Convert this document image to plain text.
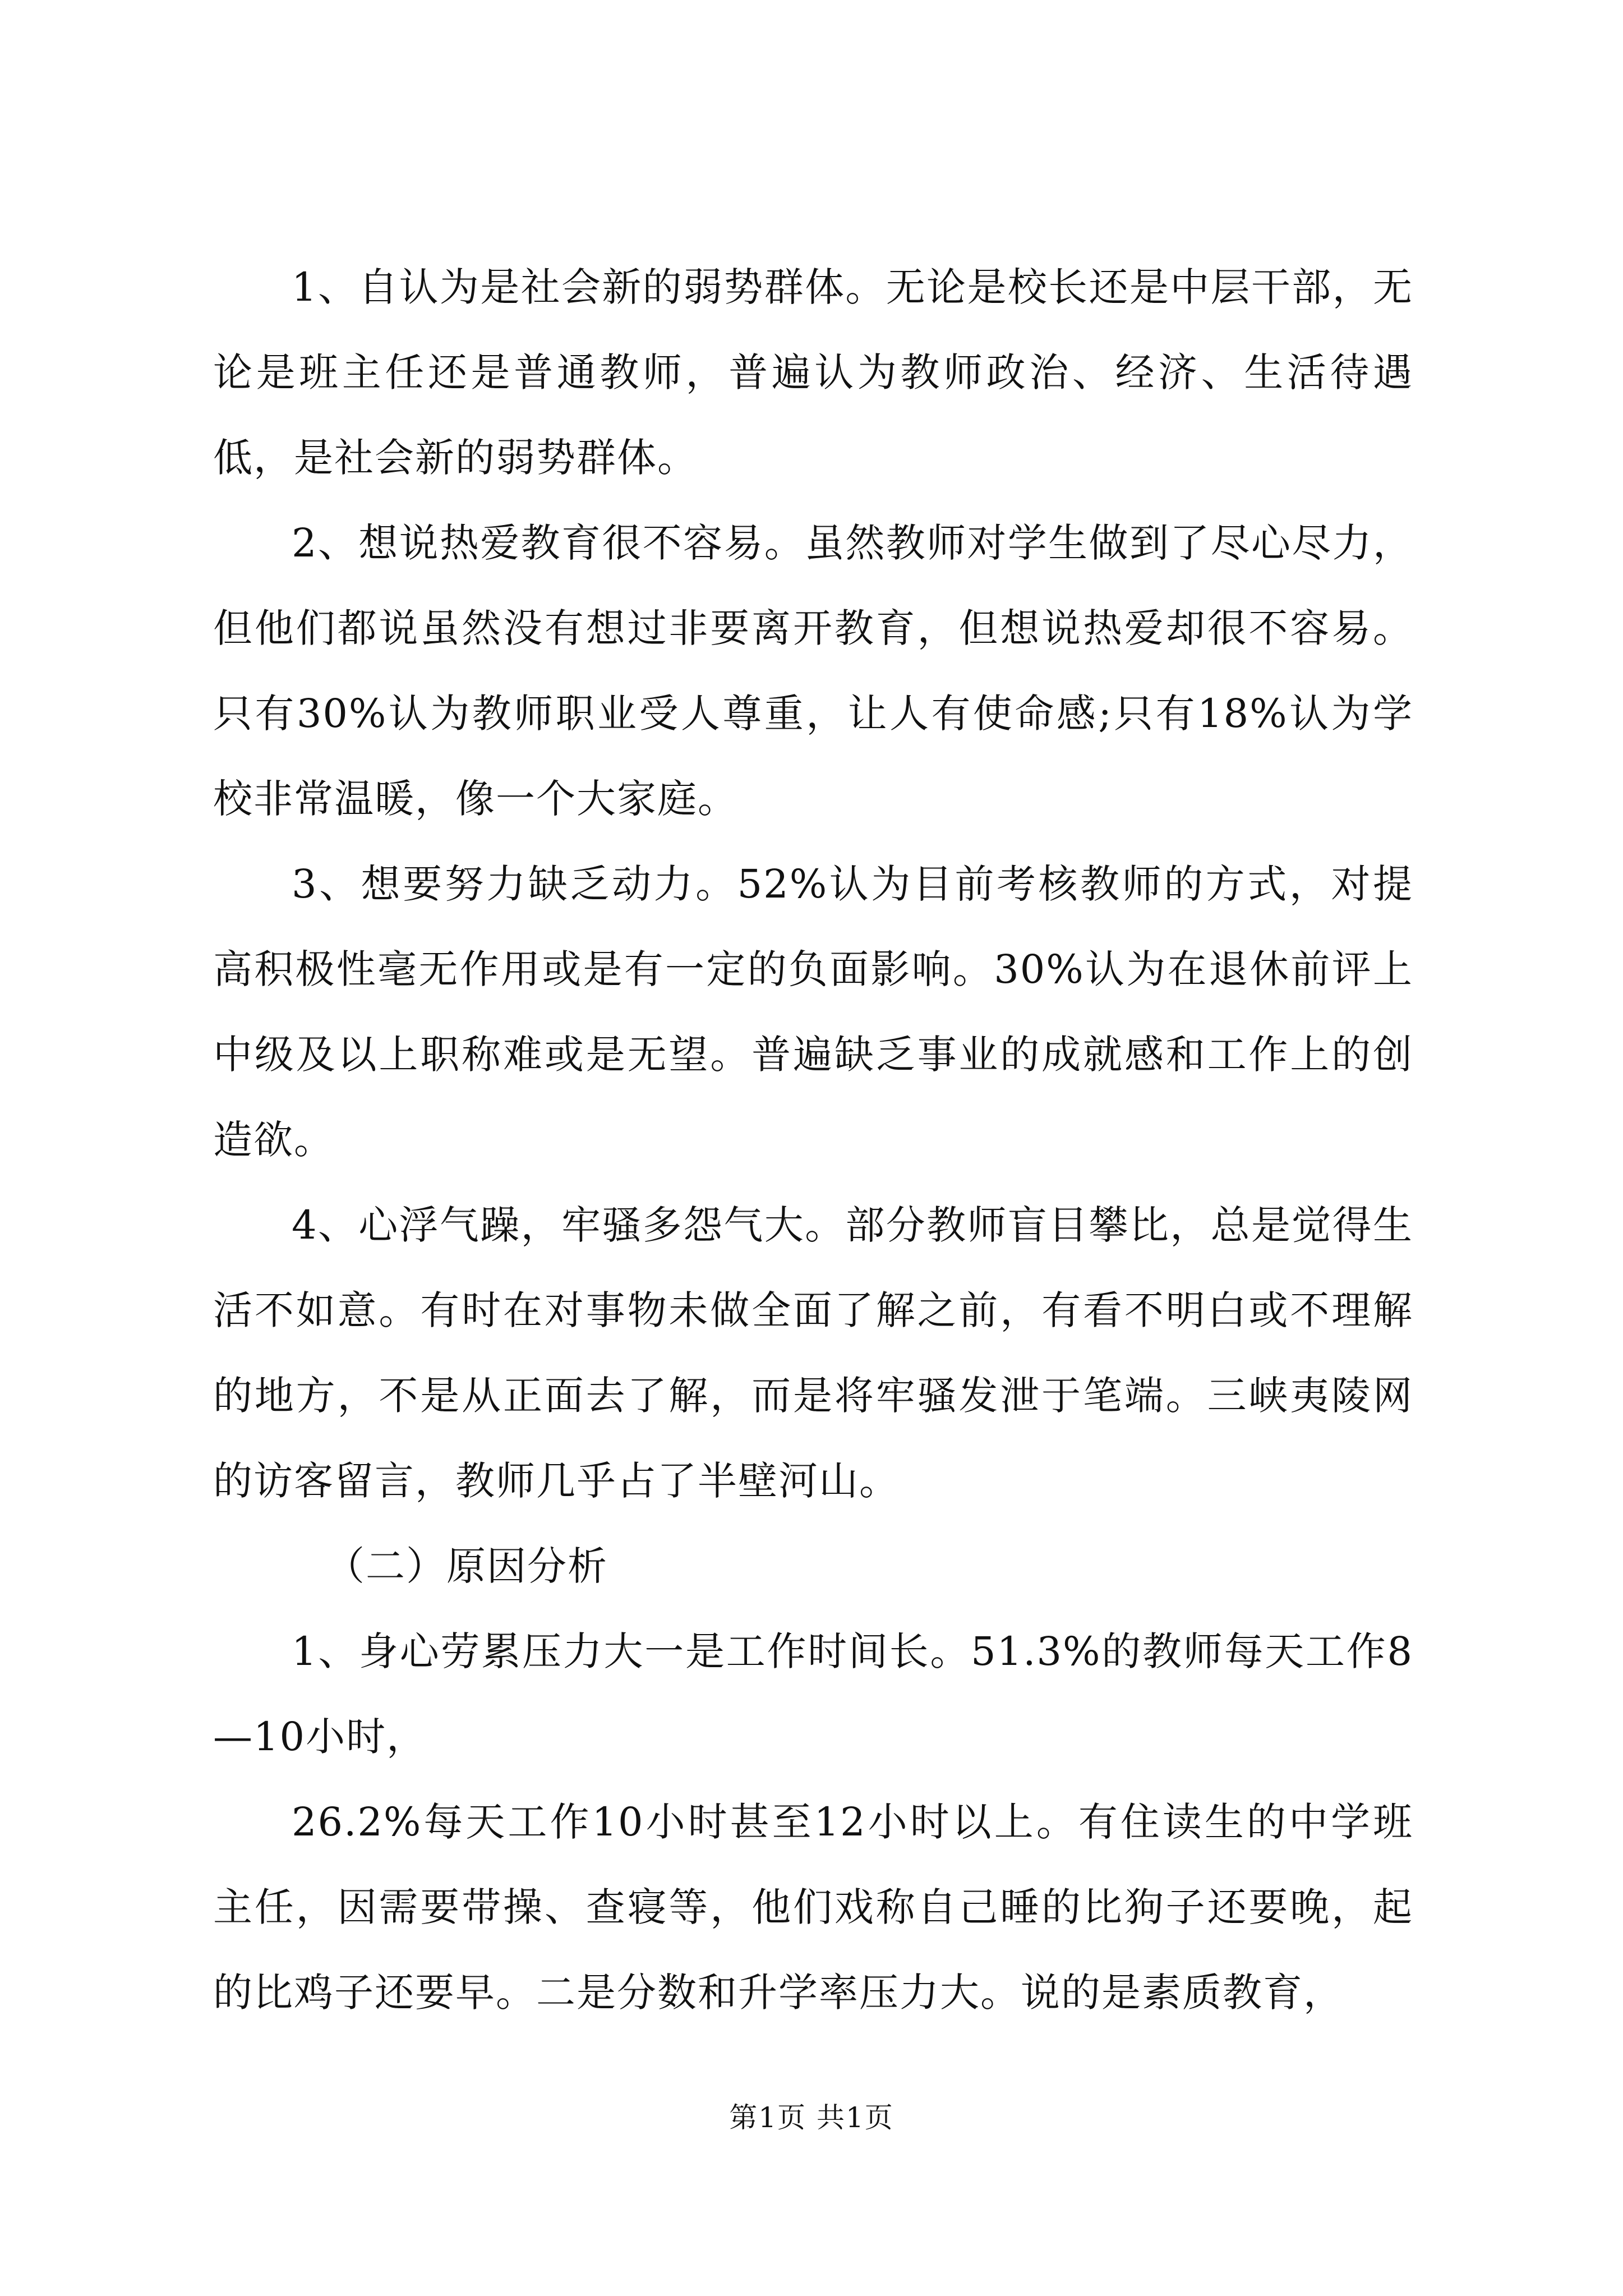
1、自认为是社会新的弱势群体。无论是校长还是中层干部，无论是班主任还是普通教师，普遍认为教师政治、经济、生活待遇低，是社会新的弱势群体。

2、想说热爱教育很不容易。虽然教师对学生做到了尽心尽力，但他们都说虽然没有想过非要离开教育，但想说热爱却很不容易。只有30%认为教师职业受人尊重，让人有使命感;只有18%认为学校非常温暖，像一个大家庭。

3、想要努力缺乏动力。52%认为目前考核教师的方式，对提高积极性毫无作用或是有一定的负面影响。30%认为在退休前评上中级及以上职称难或是无望。普遍缺乏事业的成就感和工作上的创造欲。

4、心浮气躁，牢骚多怨气大。部分教师盲目攀比，总是觉得生活不如意。有时在对事物未做全面了解之前，有看不明白或不理解的地方，不是从正面去了解，而是将牢骚发泄于笔端。三峡夷陵网的访客留言，教师几乎占了半壁河山。

（二）原因分析

1、身心劳累压力大一是工作时间长。51.3%的教师每天工作8—10小时，

26.2%每天工作10小时甚至12小时以上。有住读生的中学班主任，因需要带操、查寝等，他们戏称自己睡的比狗子还要晚，起的比鸡子还要早。二是分数和升学率压力大。说的是素质教育，

第1页 共1页
